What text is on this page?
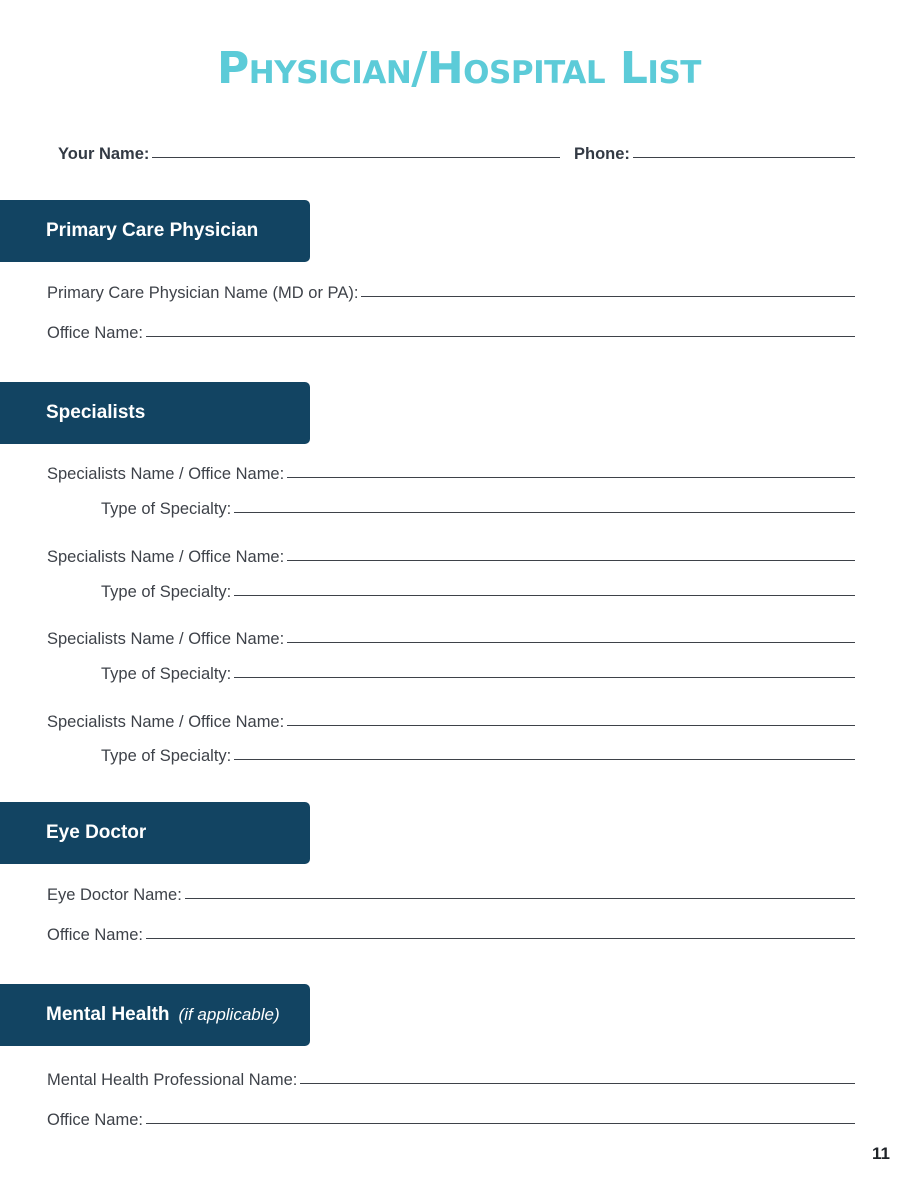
Physician/Hospital List
Your Name:	Phone:
Primary Care Physician
Primary Care Physician Name (MD or PA):
Office Name:
Specialists
Specialists Name / Office Name:
Type of Specialty:
Specialists Name / Office Name:
Type of Specialty:
Specialists Name / Office Name:
Type of Specialty:
Specialists Name / Office Name:
Type of Specialty:
Eye Doctor
Eye Doctor Name:
Office Name:
Mental Health (if applicable)
Mental Health Professional Name:
Office Name:
11
